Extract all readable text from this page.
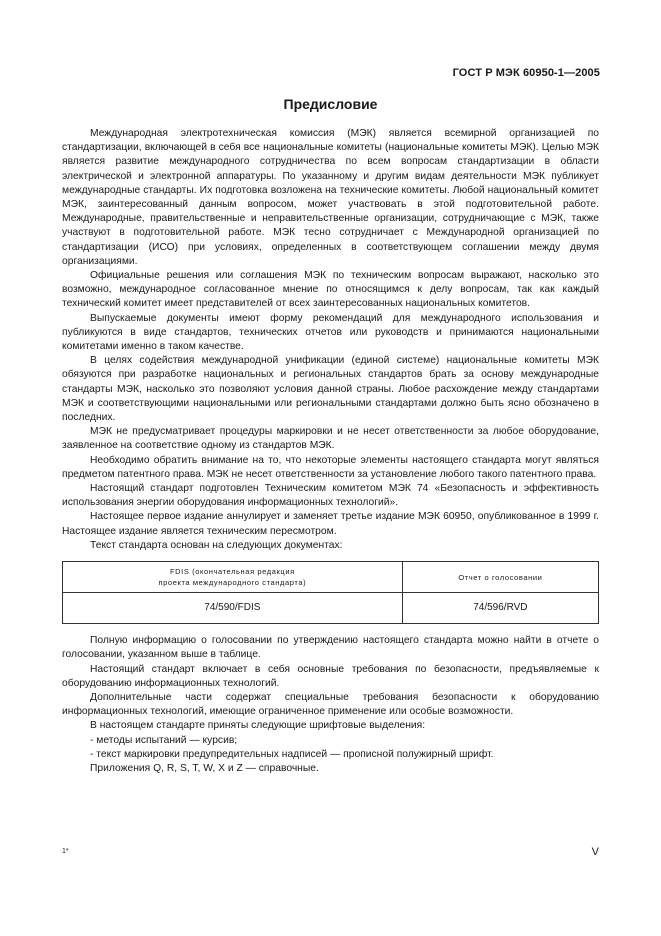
ГОСТ Р МЭК 60950-1—2005
Предисловие

Международная электротехническая комиссия (МЭК) является всемирной организацией по стандартизации, включающей в себя все национальные комитеты (национальные комитеты МЭК). Целью МЭК является развитие международного сотрудничества по всем вопросам стандартизации в области электрической и электронной аппаратуры. По указанному и другим видам деятельности МЭК публикует международные стандарты. Их подготовка возложена на технические комитеты. Любой национальный комитет МЭК, заинтересованный данным вопросом, может участвовать в этой подготовительной работе. Международные, правительственные и неправительственные организации, сотрудничающие с МЭК, также участвуют в подготовительной работе. МЭК тесно сотрудничает с Международной организацией по стандартизации (ИСО) при условиях, определенных в соответствующем соглашении между двумя организациями.

Официальные решения или соглашения МЭК по техническим вопросам выражают, насколько это возможно, международное согласованное мнение по относящимся к делу вопросам, так как каждый технический комитет имеет представителей от всех заинтересованных национальных комитетов.

Выпускаемые документы имеют форму рекомендаций для международного использования и публикуются в виде стандартов, технических отчетов или руководств и принимаются национальными комитетами именно в таком качестве.

В целях содействия международной унификации (единой системе) национальные комитеты МЭК обязуются при разработке национальных и региональных стандартов брать за основу международные стандарты МЭК, насколько это позволяют условия данной страны. Любое расхождение между стандартами МЭК и соответствующими национальными или региональными стандартами должно быть ясно обозначено в последних.

МЭК не предусматривает процедуры маркировки и не несет ответственности за любое оборудование, заявленное на соответствие одному из стандартов МЭК.

Необходимо обратить внимание на то, что некоторые элементы настоящего стандарта могут являться предметом патентного права. МЭК не несет ответственности за установление любого такого патентного права.

Настоящий стандарт подготовлен Техническим комитетом МЭК 74 «Безопасность и эффективность использования энергии оборудования информационных технологий».

Настоящее первое издание аннулирует и заменяет третье издание МЭК 60950, опубликованное в 1999 г. Настоящее издание является техническим пересмотром.

Текст стандарта основан на следующих документах:

FDIS (окончательная редакция
проекта международного стандарта)	Отчет о голосовании
74/590/FDIS	74/596/RVD

Полную информацию о голосовании по утверждению настоящего стандарта можно найти в отчете о голосовании, указанном выше в таблице.

Настоящий стандарт включает в себя основные требования по безопасности, предъявляемые к оборудованию информационных технологий.

Дополнительные части содержат специальные требования безопасности к оборудованию информационных технологий, имеющие ограниченное применение или особые возможности.

В настоящем стандарте приняты следующие шрифтовые выделения:

- методы испытаний — курсив;

- текст маркировки предупредительных надписей — прописной полужирный шрифт.

Приложения Q, R, S, T, W, X и Z — справочные.

1*	V
